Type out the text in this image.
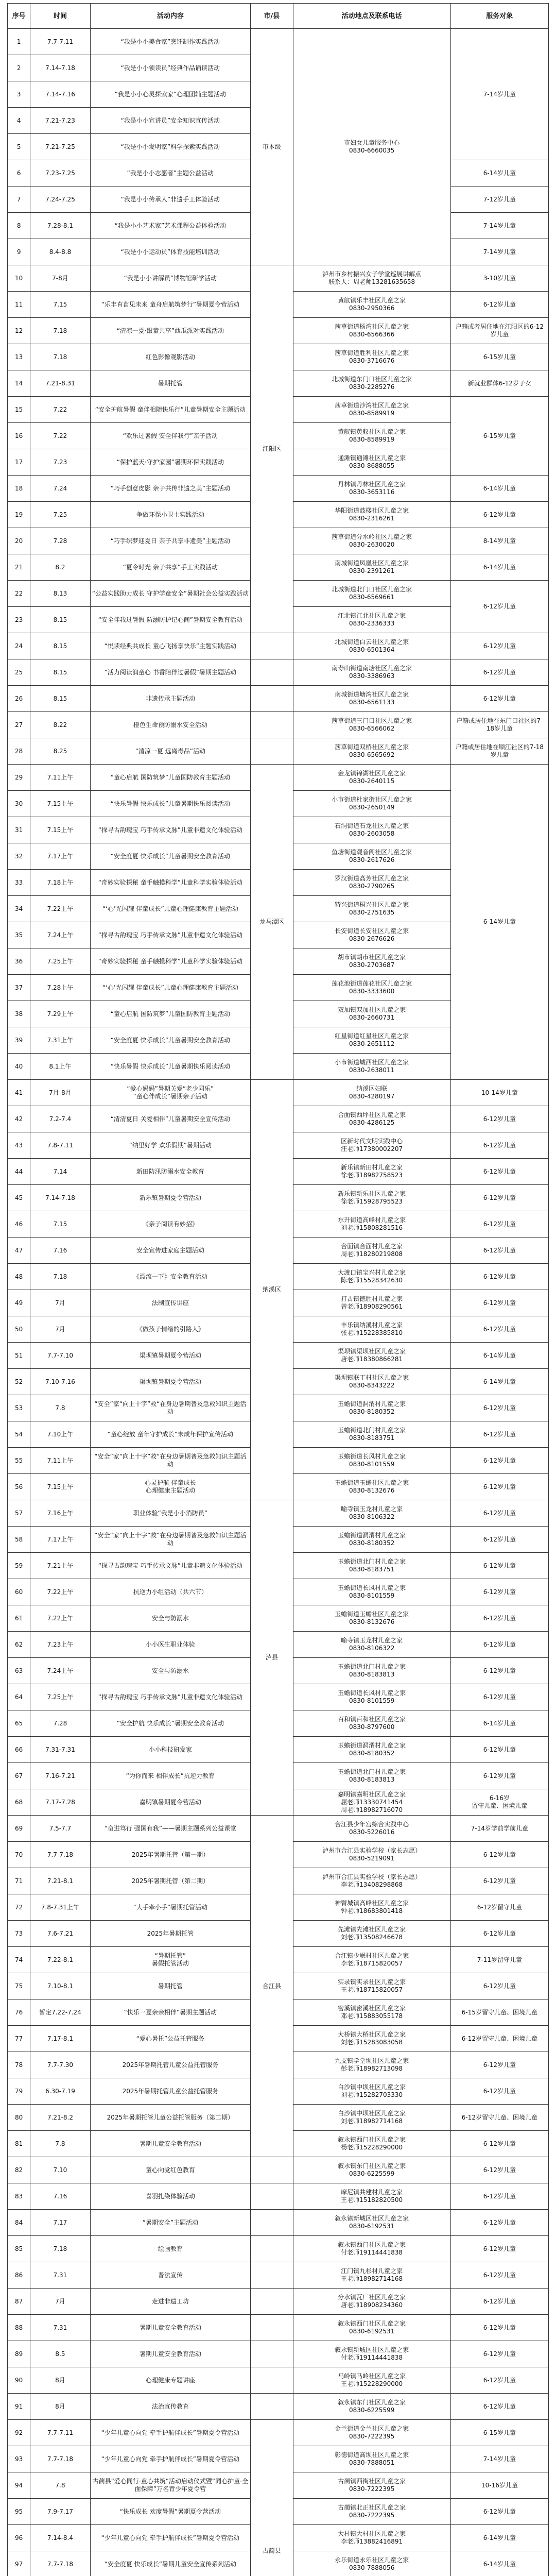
序号	时间	活动内容	市/县	活动地点及联系电话	服务对象
1	7.7-7.11	“我是小小美食家”烹饪制作实践活动	市本级	市妇女儿童服务中心
0830-6660035	7-14岁儿童
2	7.14-7.18	“我是小小领读员”经典作品诵读活动			
3	7.14-7.16	“我是小小心灵探索家”心理团辅主题活动			
4	7.21-7.23	“我是小小宣讲员”安全知识宣传活动			
5	7.21-7.25	“我是小小发明家”科学探索实践活动			
6	7.23-7.25	“我是小小志愿者”主题公益活动			6-14岁儿童
7	7.24-7.25	“我是小小传承人”非遗手工体验活动			7-12岁儿童
8	7.28-8.1	“我是小小艺术家”艺术课程公益体验活动			7-14岁儿童
9	8.4-8.8	“我是小小运动员”体育技能培训活动			7-14岁儿童
10	7-8月	“我是小小讲解员”博物馆研学活动	江阳区	泸州市乡村振兴女子学堂巡展讲解点
联系人：周老师13281635658	3-10岁儿童
11	7.15	“乐丰育苗见未来 童舟启航筑梦行”暑期夏令营活动		黄舣镇乐丰社区儿童之家
0830-2950366	6-12岁儿童
12	7.18	“清凉一夏·跟童共享”西瓜派对实践活动		茜草街道杨湾社区儿童之家
0830-6566366	户籍或者居住地在江阳区的6-12岁儿童
13	7.18	红色影像观影活动		茜草街道胜利社区儿童之家
0830-3716676	6-15岁儿童
14	7.21-8.31	暑期托管		北城街道东门口社区儿童之家
0830-2285276	新就业群体6-12岁子女
15	7.22	“安全护航暑假 童伴相随快乐行”儿童暑期安全主题活动		茜草街道沙湾社区儿童之家
0830-8589919	6-15岁儿童
16	7.22	“欢乐过暑假 安全伴我行”亲子活动		黄舣镇黄舣社区儿童之家
0830-8589919	
17	7.23	“保护蓝天·守护家园”暑期环保实践活动		通滩镇通滩社区儿童之家
0830-8688055	
18	7.24	“巧手创意皮影 亲子共传非遗之美”主题活动		丹林镇丹林社区儿童之家
0830-3653116	6-14岁儿童
19	7.25	争做环保小卫士实践活动		华阳街道鼓楼社区儿童之家
0830-2316261	6-12岁儿童
20	7.28	“巧手织梦迎夏日 亲子共享非遗美”主题活动		茜草街道分水岭社区儿童之家
0830-2630020	8-14岁儿童
21	8.2	“夏令时光 亲子共享”手工实践活动		南城街道凤凰社区儿童之家
0830-2391261	6-14岁儿童
22	8.13	“公益实践助力成长 守护学童安全”暑期社会公益实践活动		北城街道北门口社区儿童之家
0830-6569661	6-12岁儿童
23	8.15	“安全伴我过暑假 防溺防护记心间”暑期安全教育活动		江北镇江北社区儿童之家
0830-2336333	
24	8.15	“悦读经典共成长 童心飞扬享快乐”主题实践活动		北城街道白云社区儿童之家
0830-6501364	6-12岁儿童
25	8.15	“活力阅读润童心 书香陪伴过暑假”暑期主题活动		南寿山街道南塘社区儿童之家
0830-3386963	6-12岁儿童
26	8.15	非遗传承主题活动		南城街道塘湾社区儿童之家
0830-6561133	6-12岁儿童
27	8.22	橙色生命预防溺水安全活动		茜草街道三门口社区儿童之家
0830-6566062	户籍或居住地在东门口社区的7-18岁儿童
28	8.25	“清凉一夏 远离毒品”活动		茜草街道双桥社区儿童之家
0830-6565692	户籍或居住地在顺江社区的7-18岁儿童
29	7.11上午	“童心启航 国防筑梦”儿童国防教育主题活动	龙马潭区	金龙镇锦湖社区儿童之家
0830-2640115	6-14岁儿童
30	7.15上午	“快乐暑假 快乐成长”儿童暑期快乐阅读活动		小市街道杜家街社区儿童之家
0830-2650149	
31	7.15上午	“探寻古韵瑰宝 巧手传承文脉”儿童非遗文化体验活动		石洞街道石龙社区儿童之家
0830-2603058	
32	7.17上午	“安全度夏 快乐成长”儿童暑期安全教育活动		鱼塘街道观音阁社区儿童之家
0830-2617626	
33	7.18上午	“奇妙实验探秘 童手触摸科学”儿童科学实验体验活动		罗汉街道高芳社区儿童之家
0830-2790265	
34	7.22上午	“‘心’光闪耀 伴童成长”儿童心理健康教育主题活动		特兴街道桐兴社区儿童之家
0830-2751635	
35	7.24上午	“探寻古韵瑰宝 巧手传承文脉”儿童非遗文化体验活动		长安街道长安社区儿童之家
0830-2676626	
36	7.25上午	“奇妙实验探秘 童手触摸科学”儿童科学实验体验活动		胡市镇胡市社区儿童之家
0830-2703687	
37	7.28上午	“‘心’光闪耀 伴童成长”儿童心理健康教育主题活动		莲花池街道莲花社区儿童之家
0830-3333600	
38	7.29上午	“童心启航 国防筑梦”儿童国防教育主题活动		双加镇双加社区儿童之家
0830-2660731	
39	7.31上午	“安全度夏 快乐成长”儿童暑期安全教育活动		红星街道红星社区儿童之家
0830-2651112	
40	8.1上午	“快乐暑假 快乐成长”儿童暑期快乐阅读活动		小市街道城西社区儿童之家
0830-2638011	
41	7月-8月	“爱心妈妈”暑期关爱“老少同乐”
“童心伴成长”暑期亲子活动	纳溪区	纳溪区妇联
0830-4280197	10-14岁儿童
42	7.2-7.4	“清清夏日 关爱相伴”儿童暑期安全宣传活动		合面镇西坪社区儿童之家
0830-4286125	6-12岁儿童
43	7.8-7.11	“纳里好学 欢乐假期”暑期活动		区新时代文明实践中心
汪老师17380002207	6-12岁儿童
44	7.14	新田防汛防溺水安全教育		新乐镇新田村儿童之家
徐老师18982758523	6-12岁儿童
45	7.14-7.18	新乐镇暑期夏令营活动		新乐镇新乐社区儿童之家
徐老师15928795523	6-12岁儿童
46	7.15	《亲子阅读有妙招》		东升街道高峰村儿童之家
刘老师15808281516	6-12岁儿童
47	7.16	安全宣传进家庭主题活动		合面镇合面村儿童之家
周老师18280219808	6-12岁儿童
48	7.18	《漂流一下》安全教育活动		大渡口镇宝兴村儿童之家
陈老师15528342630	6-12岁儿童
49	7月	法制宣传讲座		打古镇德胜村儿童之家
曾老师18908290561	6-12岁儿童
50	7月	《做孩子情绪的引路人》		丰乐镇纳溪村儿童之家
张老师15228385810	6-12岁儿童
51	7.7-7.10	渠坝镇暑期夏令营活动		渠坝镇渠坝社区儿童之家
唐老师18380866281	6-14岁儿童
52	7.10-7.16	渠坝镇暑期夏令营活动		渠坝镇联丁村社区儿童之家
0830-8343222	6-14岁儿童
53	7.8	“安全”家“向上十字”救“在身边暑期普及急救知识主题活动		玉蟾街道洞渭村儿童之家
0830-8180352	6-12岁儿童
54	7.10上午	“童心绽放 童年守护成长”未成年保护宣传活动		玉蟾街道北门村儿童之家
0830-8183751	6-12岁儿童
55	7.11上午	“安全”家“向上十字”救“在身边暑期普及急救知识主题活动		玉蟾街道长风村儿童之家
0830-8101559	6-12岁儿童
56	7.15上午	心灵护航 伴童成长
心理健康主题活动		玉蟾街道玉蟾社区儿童之家
0830-8132676	6-12岁儿童
57	7.16上午	职业体验“我是小小消防员”	泸县	喻寺镇玉龙村儿童之家
0830-8106322	6-12岁儿童
58	7.17上午	“安全”家“向上十字”救“在身边暑期普及急救知识主题活动		玉蟾街道洞渭村儿童之家
0830-8180352	6-12岁儿童
59	7.21上午	“探寻古韵瑰宝 巧手传承文脉”儿童非遗文化体验活动		玉蟾街道北门村儿童之家
0830-8183751	6-12岁儿童
60	7.22上午	抗逆力小组活动（共六节）		玉蟾街道长风村儿童之家
0830-8101559	6-12岁儿童
61	7.22上午	安全与防溺水		玉蟾街道玉蟾社区儿童之家
0830-8132676	6-12岁儿童
62	7.23上午	小小医生职业体验		喻寺镇玉龙村儿童之家
0830-8106322	6-12岁儿童
63	7.24上午	安全与防溺水		玉蟾街道北门村儿童之家
0830-8183813	6-12岁儿童
64	7.25上午	“探寻古韵瑰宝 巧手传承文脉”儿童非遗文化体验活动		玉蟾街道长风村儿童之家
0830-8101559	6-12岁儿童
65	7.28	“安全护航 快乐成长”暑期安全教育活动		百和镇百和社区儿童之家
0830-8797600	6-14岁儿童
66	7.31-7.31	小小科技研发家		玉蟾街道洞渭村儿童之家
0830-8180352	6-12岁儿童
67	7.16-7.21	“为你而来 相伴成长”抗逆力教育		玉蟾街道北门村儿童之家
0830-8183813	6-12岁儿童
68	7.17-7.28	嘉明镇暑期夏令营活动		嘉明镇嘉明社区儿童之家
屈老师13330741454
周老师18982716070	6-16岁
留守儿童、困境儿童
69	7.5-7.7	“奋进笃行 强国有我”——暑期主题系列公益课堂	合江县	合江县少年宫综合实践中心
0830-5226016	7-14岁学前学前儿童
70	7.7-7.18	2025年暑期托管（第一期）		泸州市合江县实验学校（家长志愿）
0830-5219091	6-12岁儿童
71	7.21-8.1	2025年暑期托管（第二期）		泸州市合江县实验学校（家长志愿）
李老师13408298868	6-12岁儿童
72	7.8-7.31上午	“大手牵小手”暑期托管活动		神臂城镇高峰社区儿童之家
钟老师18683801418	6-12岁留守儿童
73	7.6-7.21	2025年暑期托管		先滩镇先滩社区儿童之家
刘老师13508246678	6-12岁儿童
74	7.22-8.1	“暑期托管”
暑假托管活动		合江镇少岷村社区儿童之家
李老师18715820057	7-11岁留守儿童
75	7.10-8.1	暑期托管		实录镇实录社区儿童之家
王老师18715820057	6-12岁儿童
76	暂定7.22-7.24	“快乐一夏亲亲相伴”暑期主题活动		密溪镇密溪社区儿童之家
邓老师15883055178	6-15岁留守儿童、困境儿童
77	7.17-8.1	“爱心暑托”公益托管服务		大桥镇大桥社区儿童之家
刘老师15283083058	6-12岁留守儿童、困境儿童
78	7.7-7.30	2025年暑期托管儿童公益托管服务		九支镇学堂坝社区儿童之家
彭老师18982713098	6-12岁儿童
79	6.30-7.19	2025年暑期托管儿童公益托管服务		白沙镇中坝社区儿童之家
刘老师15282703330	6-12岁儿童
80	7.21-8.2	2025年暑期托管儿童公益托管服务（第二期）		白沙镇中坝社区儿童之家
刘老师18982714168	6-12岁留守儿童、困境儿童
81	7.8	暑期儿童安全教育活动		叙永镇西门社区儿童之家
杨老师15228290000	6-12岁儿童
82	7.10	童心向党红色教育		叙永镇东门社区儿童之家
0830-6225599	6-12岁儿童
83	7.16	喜羽扎染体验活动		摩尼镇共建村儿童之家
王老师15182820500	6-12岁儿童
84	7.17	“暑期安全”主题活动		叙永镇新城区社区儿童之家
0830-6192531	6-12岁儿童
85	7.18	绘画教育		叙永镇西门社区儿童之家
付老师19114441838	6-12岁儿童
86	7.31	普法宣传		江门镇九杉村儿童之家
王老师18982714168	6-12岁儿童
87	7月	走进非遗工坊		分水镇瓦厂社区儿童之家
唐老师18908234360	6-12岁儿童
88	7.31	暑期儿童安全教育活动		叙永镇西门社区儿童之家
0830-6192531	6-12岁儿童
89	8.5	暑期儿童安全教育活动		叙永镇新城区社区儿童之家
付老师19114441838	6-12岁儿童
90	8月	心理健康专题讲座		马岭镇马岭社区儿童之家
王老师15228290000	6-12岁儿童
91	8月	法治宣传教育		叙永镇东门社区儿童之家
0830-6225599	6-12岁儿童
92	7.7-7.11	“少年儿童心向党 牵手护航伴成长”暑期夏令营活动	古蔺县	金兰街道金兰社区儿童之家
0830-7222395	6-15岁儿童
93	7.7-7.18	“少年儿童心向党 牵手护航伴成长”暑期夏令营活动		彰德街道高坝社区儿童之家
0830-7888051	7-14岁儿童
94	7.8	古蔺县“爱心同行·童心共筑”活动启动仪式暨“同心护童·全面保障”万名青少年夏令营		古蔺镇西街社区儿童之家
0830-7222395	10-16岁儿童
95	7.9-7.17	“快乐成长 欢度暑假”暑期夏令营活动		古蔺镇北正社区儿童之家
0830-7222395	6-12岁儿童
96	7.14-8.4	“少年儿童心向党 牵手护航伴成长”暑期夏令营活动		大村镇大村社区儿童之家
李老师13882416891	6-14岁儿童
97	7.7-7.18	“安全度夏 快乐成长”暑期儿童安全宣传系列活动		永乐街道永乐社区儿童之家
0830-7888056	6-14岁儿童
